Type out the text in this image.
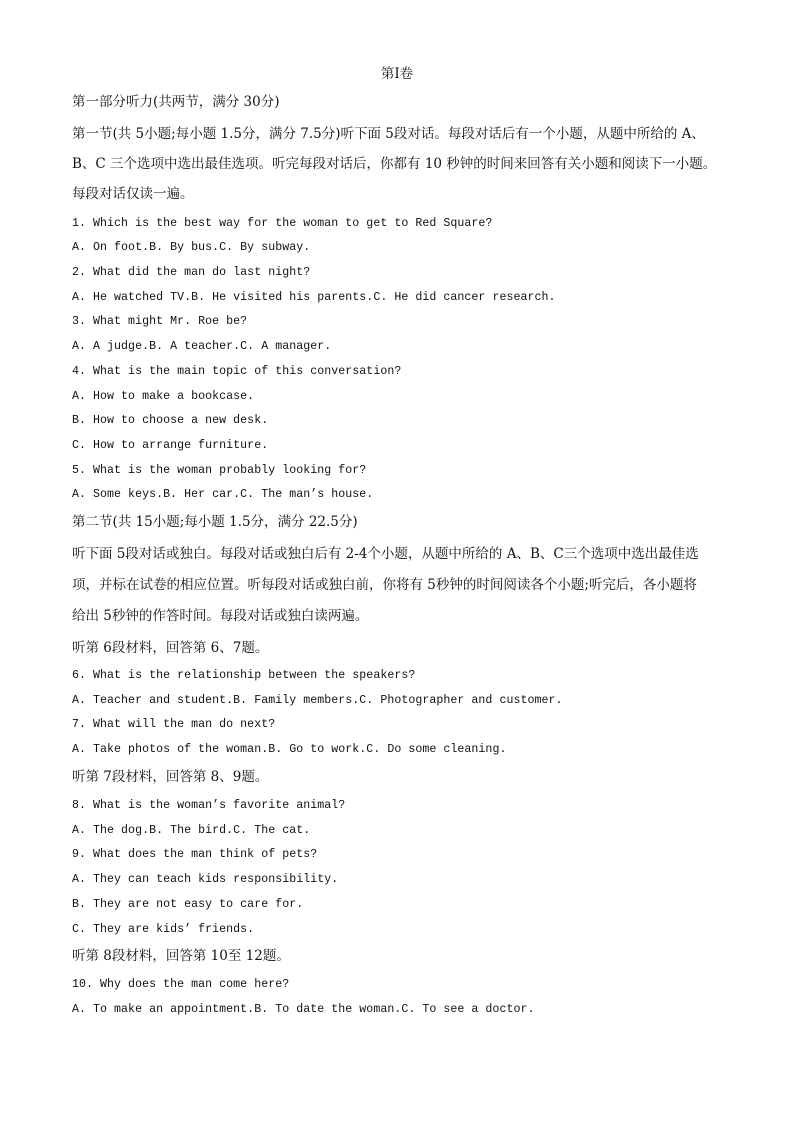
第I卷
第一部分听力(共两节，满分 30分)
第一节(共 5小题;每小题 1.5分，满分 7.5分)听下面 5段对话。每段对话后有一个小题，从题中所给的 A、
B、C 三个选项中选出最佳选项。听完每段对话后，你都有 10 秒钟的时间来回答有关小题和阅读下一小题。
每段对话仅读一遍。
1. Which is the best way for the woman to get to Red Square?
A. On foot.B. By bus.C. By subway.
2. What did the man do last night?
A. He watched TV.B. He visited his parents.C. He did cancer research.
3. What might Mr. Roe be?
A. A judge.B. A teacher.C. A manager.
4. What is the main topic of this conversation?
A. How to make a bookcase.
B. How to choose a new desk.
C. How to arrange furniture.
5. What is the woman probably looking for?
A. Some keys.B. Her car.C. The man’s house.
第二节(共 15小题;每小题 1.5分，满分 22.5分)
听下面 5段对话或独白。每段对话或独白后有 2-4个小题，从题中所给的 A、B、C三个选项中选出最佳选
项，并标在试卷的相应位置。听每段对话或独白前，你将有 5秒钟的时间阅读各个小题;听完后，各小题将
给出 5秒钟的作答时间。每段对话或独白读两遍。
听第 6段材料，回答第 6、7题。
6. What is the relationship between the speakers?
A. Teacher and student.B. Family members.C. Photographer and customer.
7. What will the man do next?
A. Take photos of the woman.B. Go to work.C. Do some cleaning.
听第 7段材料，回答第 8、9题。
8. What is the woman’s favorite animal?
A. The dog.B. The bird.C. The cat.
9. What does the man think of pets?
A. They can teach kids responsibility.
B. They are not easy to care for.
C. They are kids’ friends.
听第 8段材料，回答第 10至 12题。
10. Why does the man come here?
A. To make an appointment.B. To date the woman.C. To see a doctor.
